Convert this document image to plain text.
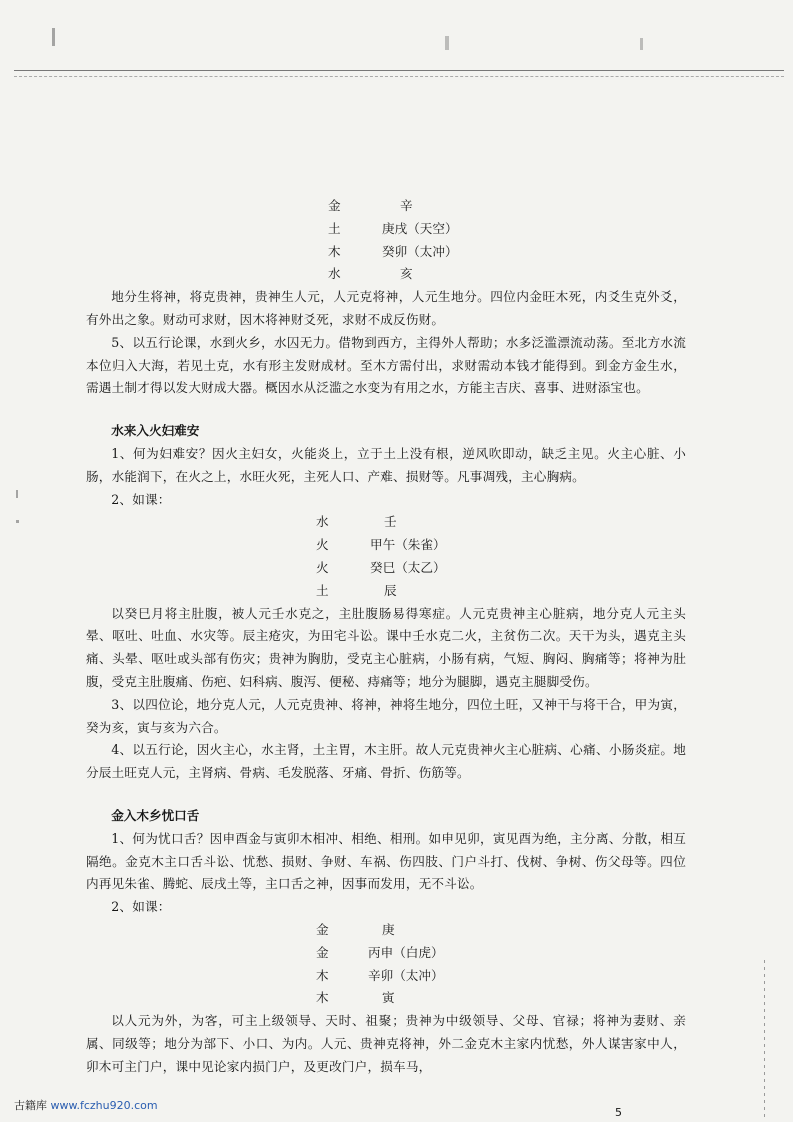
金	辛
土	庚戌（天空）
木	癸卯（太冲）
水	亥

地分生将神，将克贵神，贵神生人元，人元克将神，人元生地分。四位内金旺木死，内爻生克外爻，有外出之象。财动可求财，因木将神财爻死，求财不成反伤财。

5、以五行论课，水到火乡，水囚无力。借物到西方，主得外人帮助；水多泛滥漂流动荡。至北方水流本位归入大海，若见土克，水有形主发财成材。至木方需付出，求财需动本钱才能得到。到金方金生水，需遇土制才得以发大财成大器。概因水从泛滥之水变为有用之水，方能主吉庆、喜事、进财添宝也。

水来入火妇难安

1、何为妇难安？因火主妇女，火能炎上，立于土上没有根，逆风吹即动，缺乏主见。火主心脏、小肠，水能润下，在火之上，水旺火死，主死人口、产难、损财等。凡事凋残，主心胸病。

2、如课：

水	壬
火	甲午（朱雀）
火	癸巳（太乙）
土	辰

以癸巳月将主肚腹，被人元壬水克之，主肚腹肠易得寒症。人元克贵神主心脏病，地分克人元主头晕、呕吐、吐血、水灾等。辰主疮灾，为田宅斗讼。课中壬水克二火，主贫伤二次。天干为头，遇克主头痛、头晕、呕吐或头部有伤灾；贵神为胸肋，受克主心脏病，小肠有病，气短、胸闷、胸痛等；将神为肚腹，受克主肚腹痛、伤疤、妇科病、腹泻、便秘、痔痛等；地分为腿脚，遇克主腿脚受伤。

3、以四位论，地分克人元，人元克贵神、将神，神将生地分，四位土旺，又神干与将干合，甲为寅，癸为亥，寅与亥为六合。

4、以五行论，因火主心，水主肾，土主胃，木主肝。故人元克贵神火主心脏病、心痛、小肠炎症。地分辰土旺克人元，主肾病、骨病、毛发脱落、牙痛、骨折、伤筋等。

金入木乡忧口舌

1、何为忧口舌？因申酉金与寅卯木相冲、相绝、相刑。如申见卯，寅见酉为绝，主分离、分散，相互隔绝。金克木主口舌斗讼、忧愁、损财、争财、车祸、伤四肢、门户斗打、伐树、争树、伤父母等。四位内再见朱雀、腾蛇、辰戌土等，主口舌之神，因事而发用，无不斗讼。

2、如课：

金	庚
金	丙申（白虎）
木	辛卯（太冲）
木	寅

以人元为外，为客，可主上级领导、天时、祖聚；贵神为中级领导、父母、官禄；将神为妻财、亲属、同级等；地分为部下、小口、为内。人元、贵神克将神，外二金克木主家内忧愁，外人谋害家中人，卯木可主门户，课中见论家内损门户，及更改门户，损车马，

古籍库 www.fczhu920.com
5
